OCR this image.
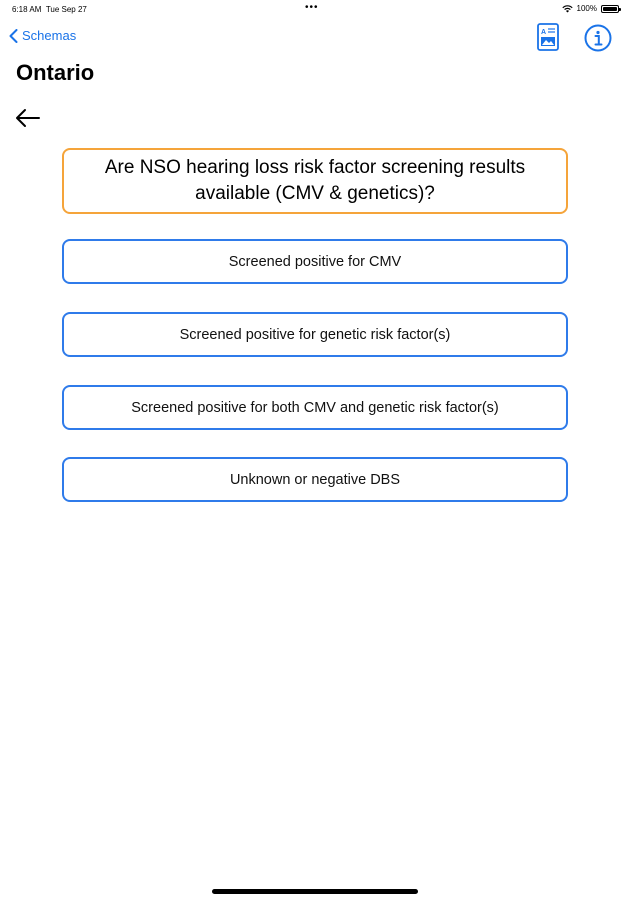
6:18 AM Tue Sep 27	•••	100%
Schemas	A
Ontario
Are NSO hearing loss risk factor screening results available (CMV & genetics)?
Screened positive for CMV
Screened positive for genetic risk factor(s)
Screened positive for both CMV and genetic risk factor(s)
Unknown or negative DBS
